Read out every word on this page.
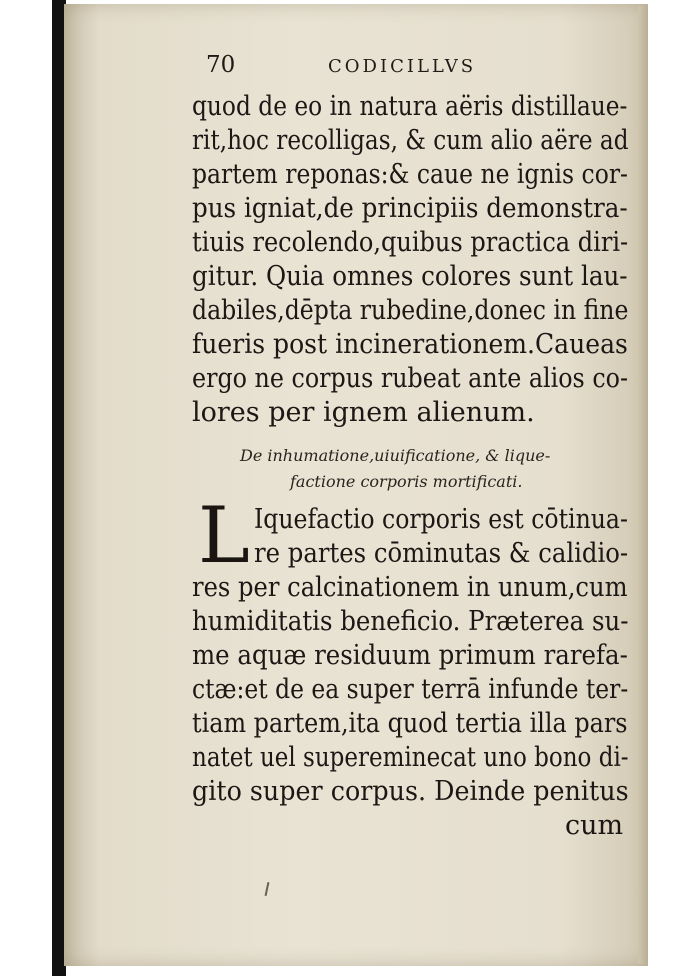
70	CODICILLVS
quod de eo in natura aëris distillaue-
rit,hoc recolligas, & cum alio aëre ad
partem reponas:& caue ne ignis cor-
pus igniat,de principiis demonstra-
tiuis recolendo,quibus practica diri-
gitur. Quia omnes colores sunt lau-
dabiles,dēpta rubedine,donec in fine
fueris post incinerationem.Caueas
ergo ne corpus rubeat ante alios co-
lores per ignem alienum.
De inhumatione,uiuificatione, & lique-
factione corporis mortificati.
L Iquefactio corporis est cōtinua-
re partes cōminutas & calidio-
res per calcinationem in unum,cum
humiditatis beneficio. Præterea su-
me aquæ residuum primum rarefa-
ctæ:et de ea super terrā infunde ter-
tiam partem,ita quod tertia illa pars
natet uel supereminecat uno bono di-
gito super corpus. Deinde penitus
cum
